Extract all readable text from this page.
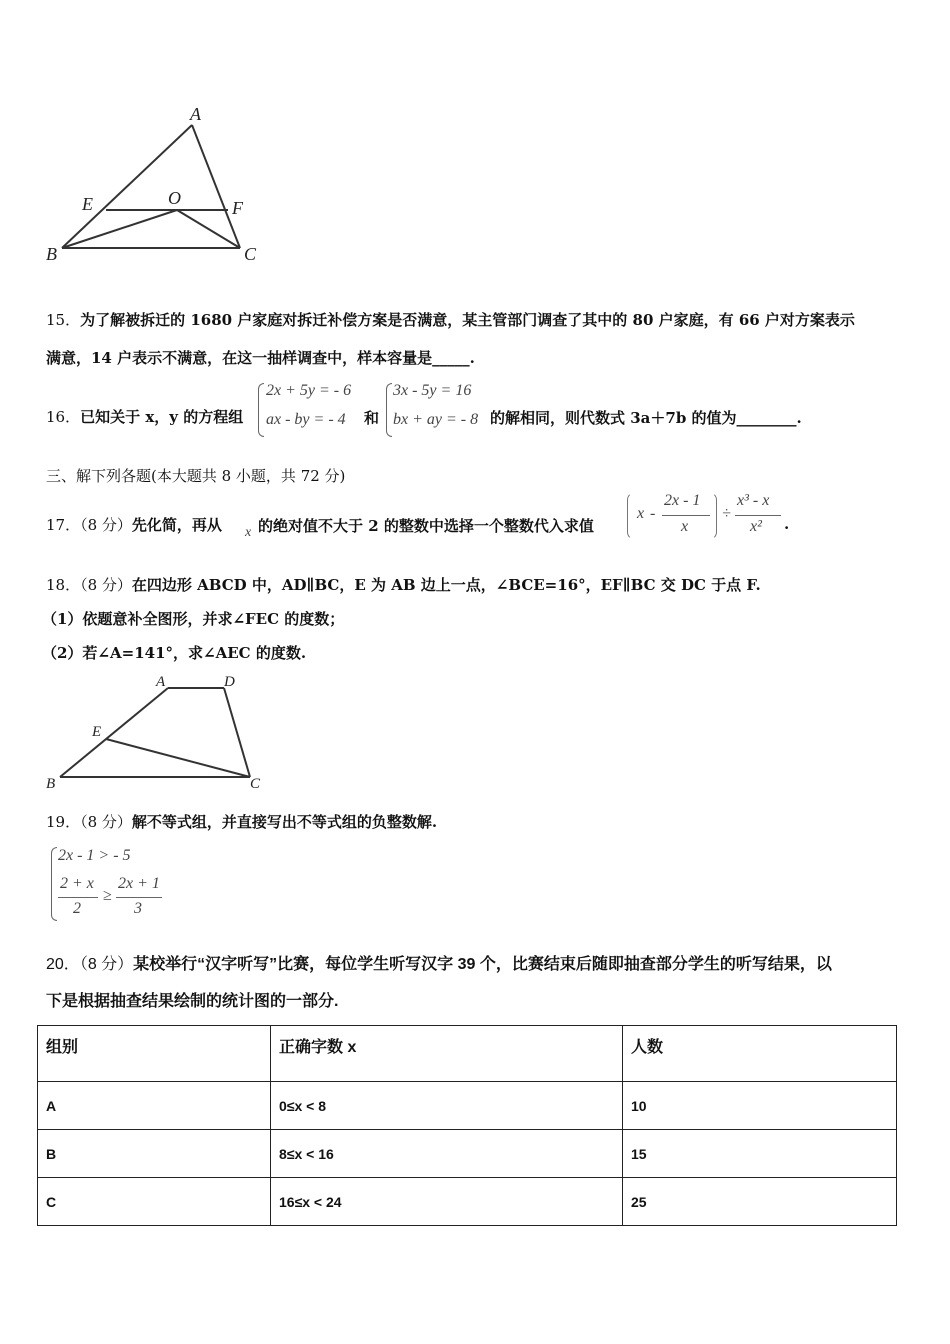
A
E	O	F
B	C
15．为了解被拆迁的 1680 户家庭对拆迁补偿方案是否满意，某主管部门调查了其中的 80 户家庭，有 66 户对方案表示
满意，14 户表示不满意，在这一抽样调查中，样本容量是_____.
16．已知关于 x，y 的方程组
2x + 5y = - 6
ax - by = - 4 和
3x - 5y = 16
bx + ay = - 8 的解相同，则代数式 3a＋7b 的值为________.
三、解下列各题(本大题共 8 小题，共 72 分)
17．（8 分）先化简，再从 x 的绝对值不大于 2 的整数中选择一个整数代入求值
x -
2x - 1
x
÷
x³ - x
x² .
18．（8 分）在四边形 ABCD 中，AD∥BC，E 为 AB 边上一点，∠BCE=16°，EF∥BC 交 DC 于点 F.
（1）依题意补全图形，并求∠FEC 的度数；
（2）若∠A=141°，求∠AEC 的度数.
A	D
E
B	C
19．（8 分）解不等式组，并直接写出不等式组的负整数解.
2x - 1 > - 5
2 + x
2
≥
2x + 1
3
20．（8 分）某校举行“汉字听写”比赛，每位学生听写汉字 39 个，比赛结束后随即抽查部分学生的听写结果，以
下是根据抽查结果绘制的统计图的一部分.
组别	正确字数 x	人数
A	0≤x < 8	10
B	8≤x < 16	15
C	16≤x < 24	25
